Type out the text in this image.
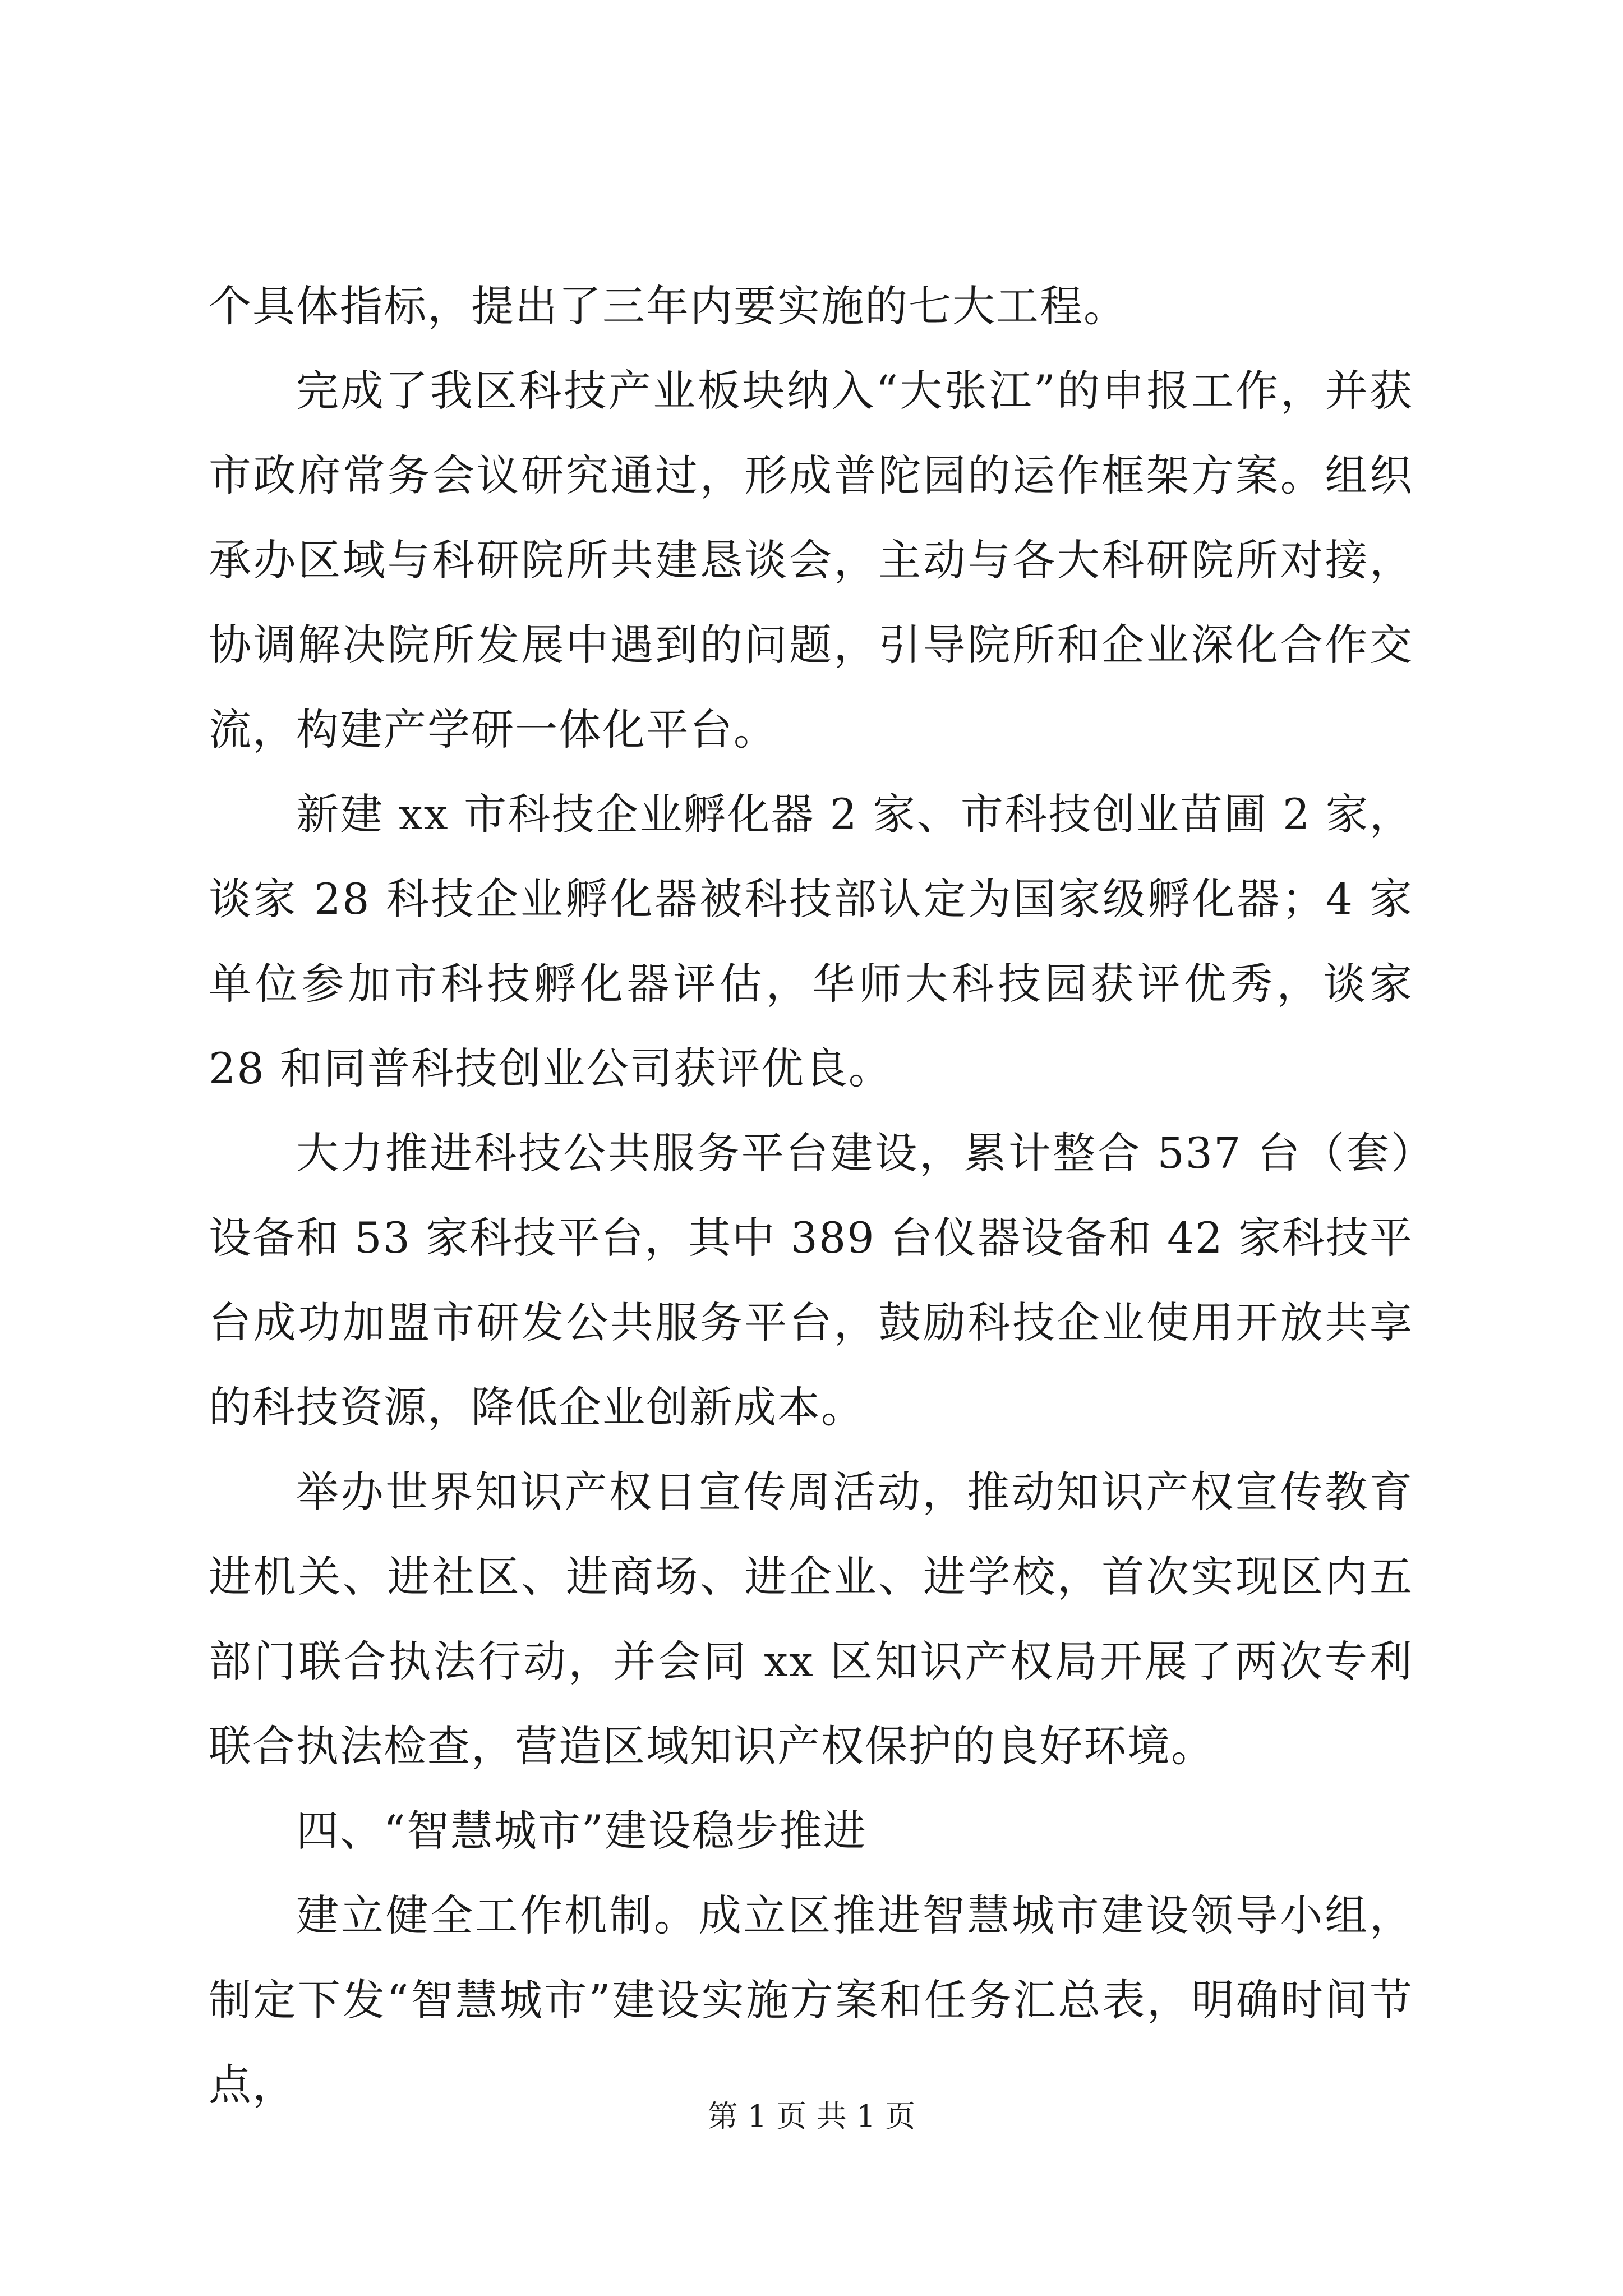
个具体指标，提出了三年内要实施的七大工程。

完成了我区科技产业板块纳入“大张江”的申报工作，并获市政府常务会议研究通过，形成普陀园的运作框架方案。组织承办区域与科研院所共建恳谈会，主动与各大科研院所对接，协调解决院所发展中遇到的问题，引导院所和企业深化合作交流，构建产学研一体化平台。

新建 xx 市科技企业孵化器 2 家、市科技创业苗圃 2 家，谈家 28 科技企业孵化器被科技部认定为国家级孵化器；4 家单位参加市科技孵化器评估，华师大科技园获评优秀，谈家 28 和同普科技创业公司获评优良。

大力推进科技公共服务平台建设，累计整合 537 台（套）设备和 53 家科技平台，其中 389 台仪器设备和 42 家科技平台成功加盟市研发公共服务平台，鼓励科技企业使用开放共享的科技资源，降低企业创新成本。

举办世界知识产权日宣传周活动，推动知识产权宣传教育进机关、进社区、进商场、进企业、进学校，首次实现区内五部门联合执法行动，并会同 xx 区知识产权局开展了两次专利联合执法检查，营造区域知识产权保护的良好环境。

四、“智慧城市”建设稳步推进

建立健全工作机制。成立区推进智慧城市建设领导小组，制定下发“智慧城市”建设实施方案和任务汇总表，明确时间节点，

第 1 页 共 1 页
